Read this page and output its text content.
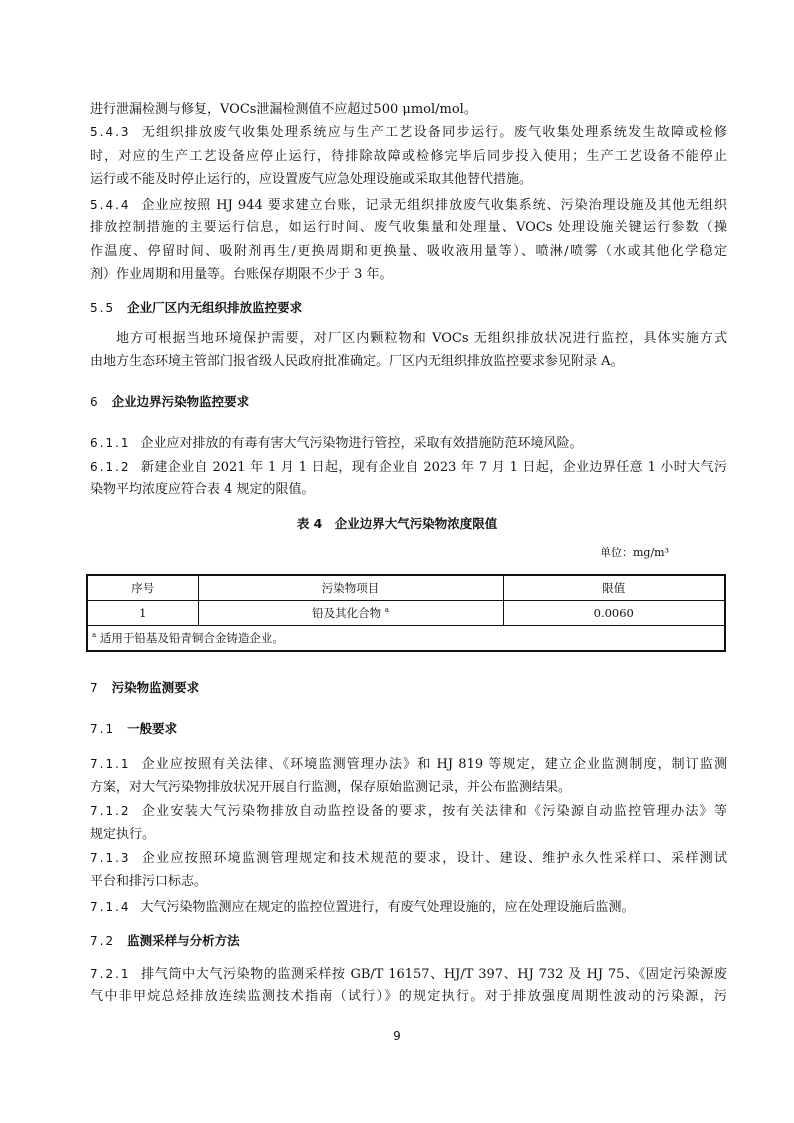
进行泄漏检测与修复，VOCs泄漏检测值不应超过500 μmol/mol。
5.4.3 无组织排放废气收集处理系统应与生产工艺设备同步运行。废气收集处理系统发生故障或检修
时，对应的生产工艺设备应停止运行，待排除故障或检修完毕后同步投入使用；生产工艺设备不能停止
运行或不能及时停止运行的，应设置废气应急处理设施或采取其他替代措施。
5.4.4 企业应按照 HJ 944 要求建立台账，记录无组织排放废气收集系统、污染治理设施及其他无组织
排放控制措施的主要运行信息，如运行时间、废气收集量和处理量、VOCs 处理设施关键运行参数（操
作温度、停留时间、吸附剂再生/更换周期和更换量、吸收液用量等）、喷淋/喷雾（水或其他化学稳定
剂）作业周期和用量等。台账保存期限不少于 3 年。
5.5 企业厂区内无组织排放监控要求
地方可根据当地环境保护需要，对厂区内颗粒物和 VOCs 无组织排放状况进行监控，具体实施方式
由地方生态环境主管部门报省级人民政府批准确定。厂区内无组织排放监控要求参见附录 A。
6 企业边界污染物监控要求
6.1.1 企业应对排放的有毒有害大气污染物进行管控，采取有效措施防范环境风险。
6.1.2 新建企业自 2021 年 1 月 1 日起，现有企业自 2023 年 7 月 1 日起，企业边界任意 1 小时大气污
染物平均浓度应符合表 4 规定的限值。
表 4　企业边界大气污染物浓度限值
单位：mg/m³
序号	污染物项目	限值
1	铅及其化合物 $^a$	0.0060
$^a$ 适用于铅基及铅青铜合金铸造企业。		
7 污染物监测要求
7.1 一般要求
7.1.1 企业应按照有关法律、《环境监测管理办法》和 HJ 819 等规定，建立企业监测制度，制订监测
方案，对大气污染物排放状况开展自行监测，保存原始监测记录，并公布监测结果。
7.1.2 企业安装大气污染物排放自动监控设备的要求，按有关法律和《污染源自动监控管理办法》等
规定执行。
7.1.3 企业应按照环境监测管理规定和技术规范的要求，设计、建设、维护永久性采样口、采样测试
平台和排污口标志。
7.1.4 大气污染物监测应在规定的监控位置进行，有废气处理设施的，应在处理设施后监测。
7.2 监测采样与分析方法
7.2.1 排气筒中大气污染物的监测采样按 GB/T 16157、HJ/T 397、HJ 732 及 HJ 75、《固定污染源废
气中非甲烷总烃排放连续监测技术指南（试行）》的规定执行。对于排放强度周期性波动的污染源，污
9
